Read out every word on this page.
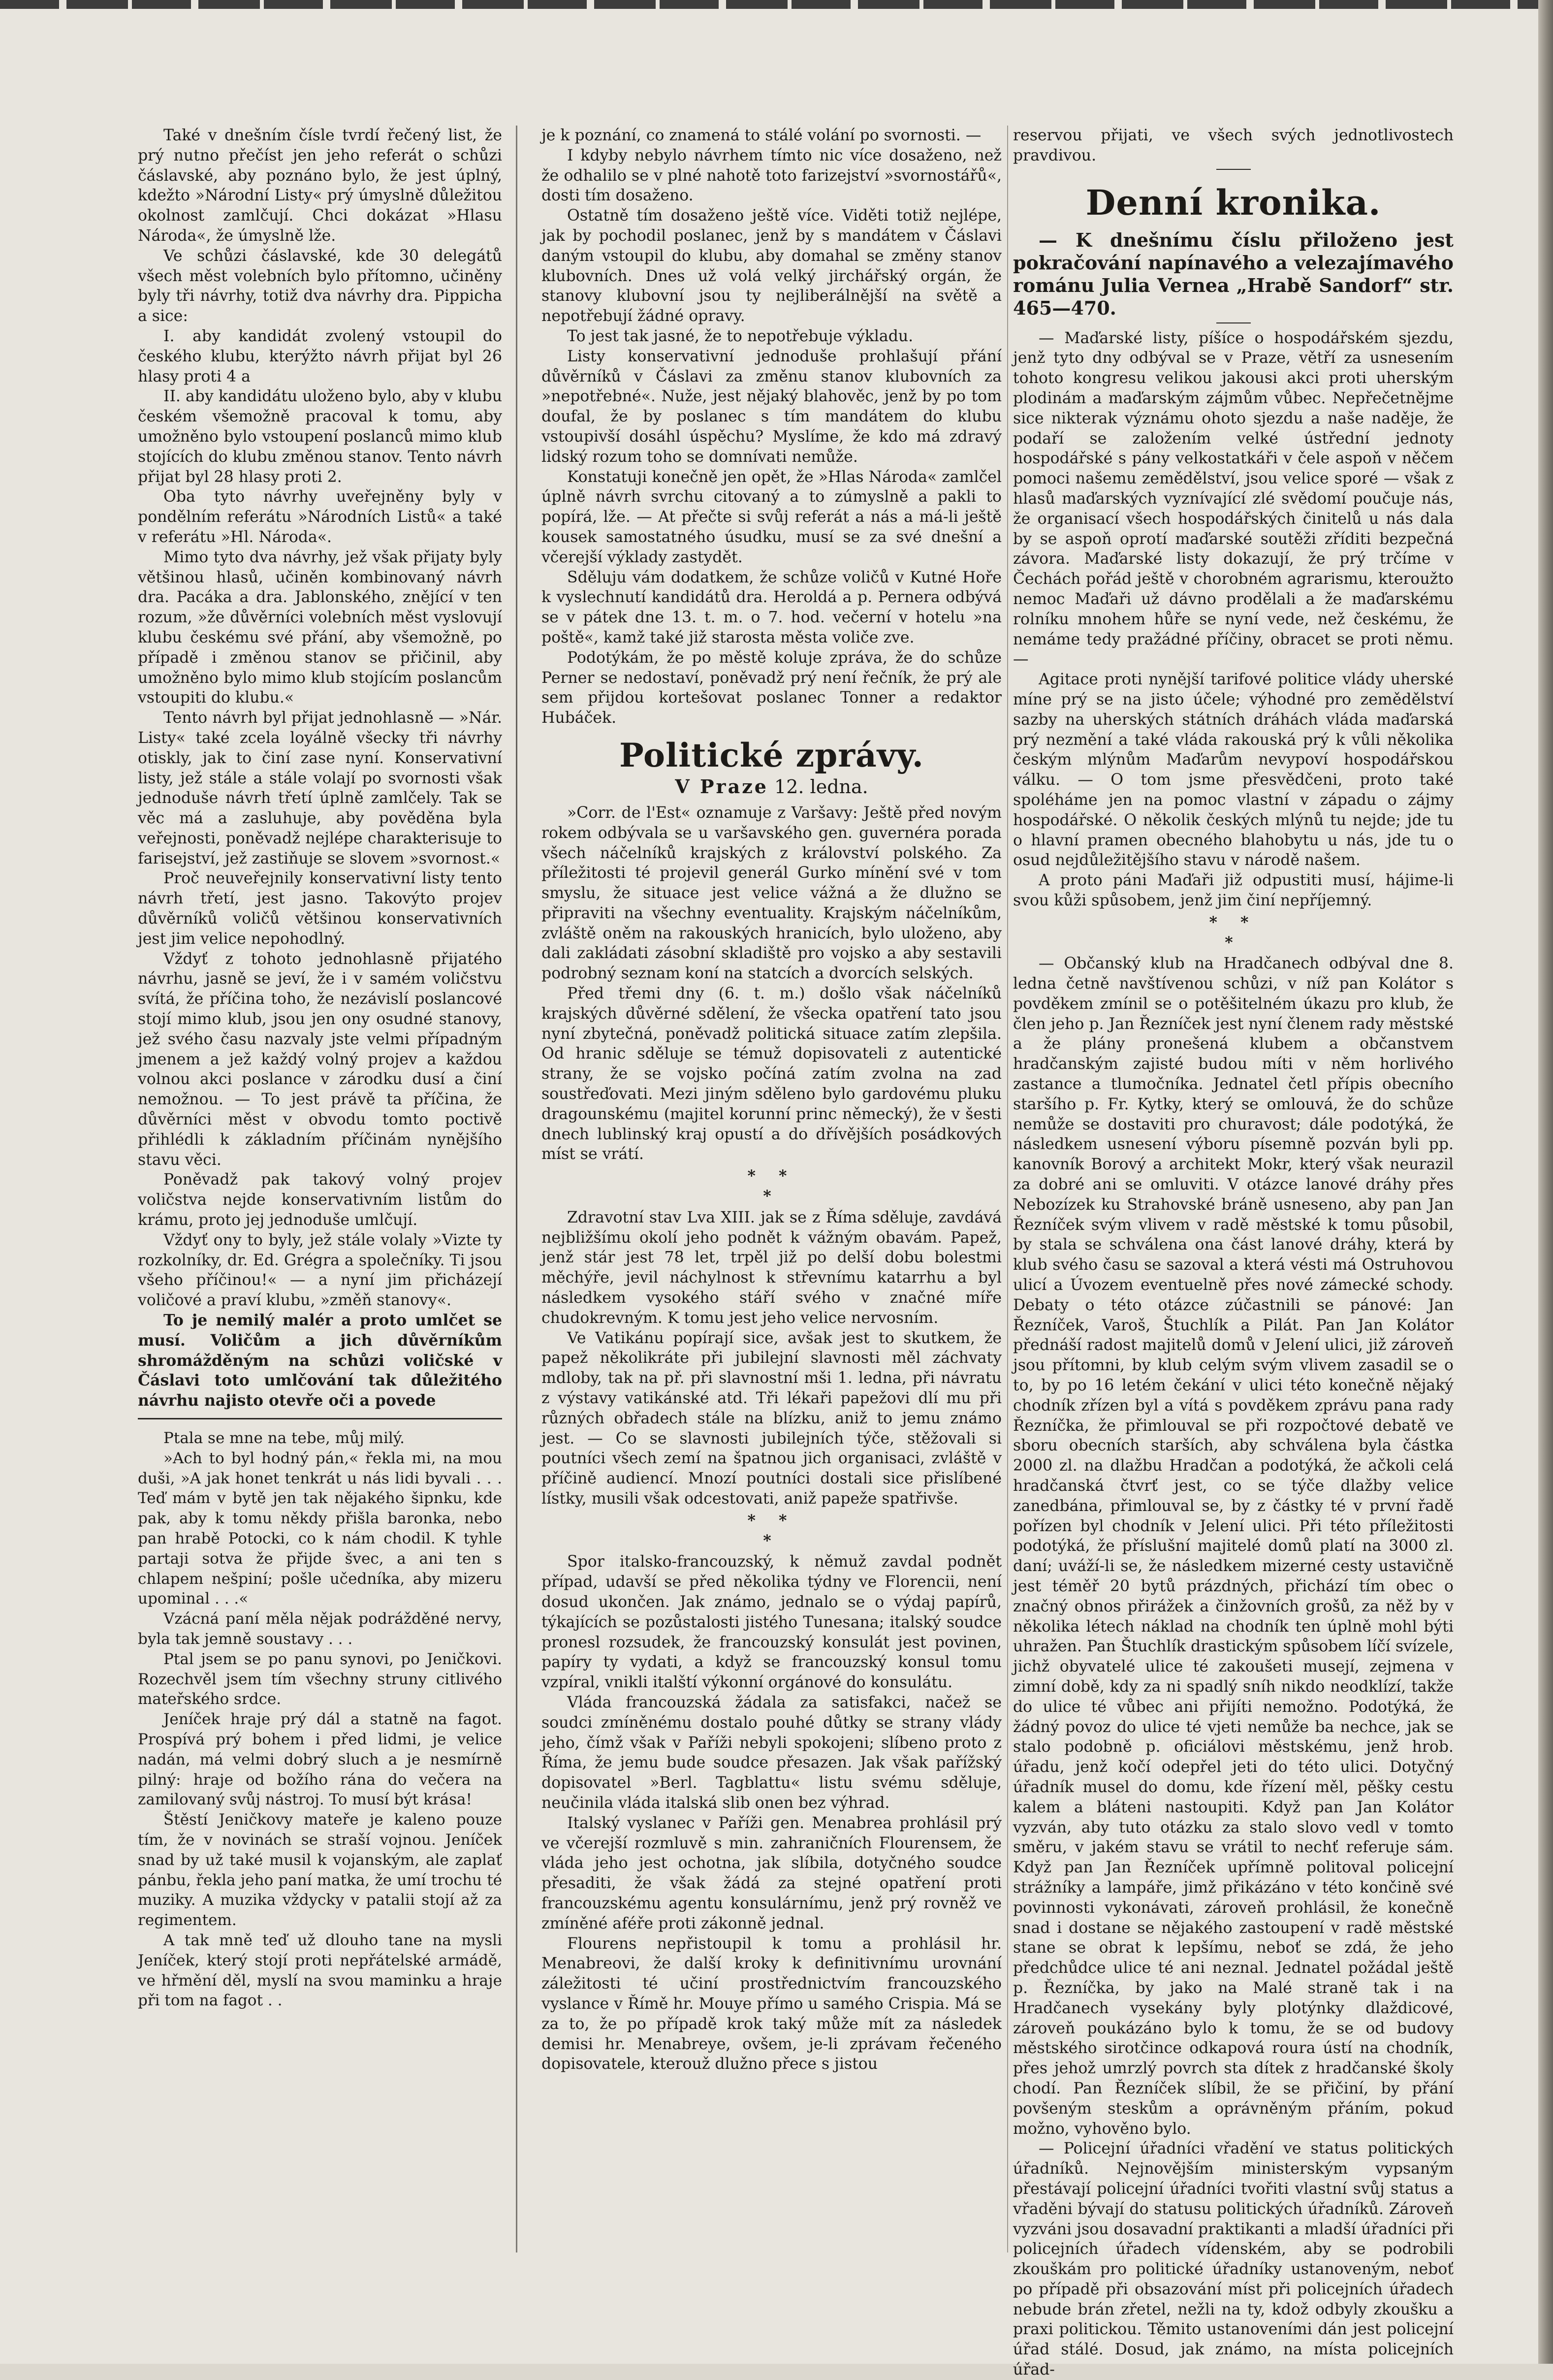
Také v dnešním čísle tvrdí řečený list, že prý nutno přečíst jen jeho referát o schůzi čáslavské, aby poznáno bylo, že jest úplný, kdežto »Národní Listy« prý úmyslně důležitou okolnost zamlčují. Chci dokázat »Hlasu Národa«, že úmyslně lže.

Ve schůzi čáslavské, kde 30 delegátů všech měst volebních bylo přítomno, učiněny byly tři návrhy, totiž dva návrhy dra. Pippicha a sice:

I. aby kandidát zvolený vstoupil do českého klubu, kterýžto návrh přijat byl 26 hlasy proti 4 a

II. aby kandidátu uloženo bylo, aby v klubu českém všemožně pracoval k tomu, aby umožněno bylo vstoupení poslanců mimo klub stojících do klubu změnou stanov. Tento návrh přijat byl 28 hlasy proti 2.

Oba tyto návrhy uveřejněny byly v pondělním referátu »Národních Listů« a také v referátu »Hl. Národa«.

Mimo tyto dva návrhy, jež však přijaty byly většinou hlasů, učiněn kombinovaný návrh dra. Pacáka a dra. Jablonského, znějící v ten rozum, »že důvěrníci volebních měst vyslovují klubu českému své přání, aby všemožně, po případě i změnou stanov se přičinil, aby umožněno bylo mimo klub stojícím poslancům vstoupiti do klubu.«

Tento návrh byl přijat jednohlasně — »Nár. Listy« také zcela loyálně všecky tři návrhy otiskly, jak to činí zase nyní. Konservativní listy, jež stále a stále volají po svornosti však jednoduše návrh třetí úplně zamlčely. Tak se věc má a zasluhuje, aby pověděna byla veřejnosti, poněvadž nejlépe charakterisuje to farisejství, jež zastiňuje se slovem »svornost.«

Proč neuveřejnily konservativní listy tento návrh třetí, jest jasno. Takovýto projev důvěrníků voličů většinou konservativních jest jim velice nepohodlný.

Vždyť z tohoto jednohlasně přijatého návrhu, jasně se jeví, že i v samém voličstvu svítá, že příčina toho, že nezávislí poslancové stojí mimo klub, jsou jen ony osudné stanovy, jež svého času nazvaly jste velmi případným jmenem a jež každý volný projev a každou volnou akci poslance v zárodku dusí a činí nemožnou. — To jest právě ta příčina, že důvěrníci měst v obvodu tomto poctivě přihlédli k základním příčinám nynějšího stavu věci.

Poněvadž pak takový volný projev voličstva nejde konservativním listům do krámu, proto jej jednoduše umlčují.

Vždyť ony to byly, jež stále volaly »Vizte ty rozkolníky, dr. Ed. Grégra a společníky. Ti jsou všeho příčinou!« — a nyní jim přicházejí voličové a praví klubu, »změň stanovy«.

To je nemilý malér a proto umlčet se musí. Voličům a jich důvěrníkům shromážděným na schůzi voličské v Čáslavi toto umlčování tak důležitého návrhu najisto otevře oči a povede

Ptala se mne na tebe, můj milý.

»Ach to byl hodný pán,« řekla mi, na mou duši, »A jak honet tenkrát u nás lidi byvali . . . Teď mám v bytě jen tak nějakého šipnku, kde pak, aby k tomu někdy přišla baronka, nebo pan hrabě Potocki, co k nám chodil. K tyhle partaji sotva že přijde švec, a ani ten s chlapem nešpiní; pošle učedníka, aby mizeru upominal . . .«

Vzácná paní měla nějak podrážděné nervy, byla tak jemně soustavy . . .

Ptal jsem se po panu synovi, po Jeničkovi. Rozechvěl jsem tím všechny struny citlivého mateřského srdce.

Jeníček hraje prý dál a statně na fagot. Prospívá prý bohem i před lidmi, je velice nadán, má velmi dobrý sluch a je nesmírně pilný: hraje od božího rána do večera na zamilovaný svůj nástroj. To musí být krása!

Štěstí Jeničkovy mateře je kaleno pouze tím, že v novinách se straší vojnou. Jeníček snad by už také musil k vojanským, ale zaplať pánbu, řekla jeho paní matka, že umí trochu té muziky. A muzika vždycky v patalii stojí až za regimentem.

A tak mně teď už dlouho tane na mysli Jeníček, který stojí proti nepřátelské armádě, ve hřmění děl, myslí na svou maminku a hraje při tom na fagot . .

je k poznání, co znamená to stálé volání po svornosti. —

I kdyby nebylo návrhem tímto nic více dosaženo, než že odhalilo se v plné nahotě toto farizejství »svornostářů«, dosti tím dosaženo.

Ostatně tím dosaženo ještě více. Viděti totiž nejlépe, jak by pochodil poslanec, jenž by s mandátem v Čáslavi daným vstoupil do klubu, aby domahal se změny stanov klubovních. Dnes už volá velký jirchářský orgán, že stanovy klubovní jsou ty nejliberálnější na světě a nepotřebují žádné opravy.

To jest tak jasné, že to nepotřebuje výkladu.

Listy konservativní jednoduše prohlašují přání důvěrníků v Čáslavi za změnu stanov klubovních za »nepotřebné«. Nuže, jest nějaký blahověc, jenž by po tom doufal, že by poslanec s tím mandátem do klubu vstoupivší dosáhl úspěchu? Myslíme, že kdo má zdravý lidský rozum toho se domnívati nemůže.

Konstatuji konečně jen opět, že »Hlas Národa« zamlčel úplně návrh svrchu citovaný a to zúmyslně a pakli to popírá, lže. — At přečte si svůj referát a nás a má-li ještě kousek samostatného úsudku, musí se za své dnešní a včerejší výklady zastydět.

Sděluju vám dodatkem, že schůze voličů v Kutné Hoře k vyslechnutí kandidátů dra. Heroldá a p. Pernera odbývá se v pátek dne 13. t. m. o 7. hod. večerní v hotelu »na poště«, kamž také již starosta města voliče zve.

Podotýkám, že po městě koluje zpráva, že do schůze Perner se nedostaví, poněvadž prý není řečník, že prý ale sem přijdou kortešovat poslanec Tonner a redaktor Hubáček.

Politické zprávy.
V Praze 12. ledna.

»Corr. de l'Est« oznamuje z Varšavy: Ještě před novým rokem odbývala se u varšavského gen. guvernéra porada všech náčelníků krajských z království polského. Za příležitosti té projevil generál Gurko mínění své v tom smyslu, že situace jest velice vážná a že dlužno se připraviti na všechny eventuality. Krajským náčelníkům, zvláště oněm na rakouských hranicích, bylo uloženo, aby dali zakládati zásobní skladiště pro vojsko a aby sestavili podrobný seznam koní na statcích a dvorcích selských.

Před třemi dny (6. t. m.) došlo však náčelníků krajských důvěrné sdělení, že všecka opatření tato jsou nyní zbytečná, poněvadž politická situace zatím zlepšila. Od hranic sděluje se témuž dopisovateli z autentické strany, že se vojsko počíná zatím zvolna na zad soustřeďovati. Mezi jiným sděleno bylo gardovému pluku dragounskému (majitel korunní princ německý), že v šesti dnech lublinský kraj opustí a do dřívějších posádkových míst se vrátí.

* *
*

Zdravotní stav Lva XIII. jak se z Říma sděluje, zavdává nejbližšímu okolí jeho podnět k vážným obavám. Papež, jenž stár jest 78 let, trpěl již po delší dobu bolestmi měchýře, jevil náchylnost k střevnímu katarrhu a byl následkem vysokého stáří svého v značné míře chudokrevným. K tomu jest jeho velice nervosním.

Ve Vatikánu popírají sice, avšak jest to skutkem, že papež několikráte při jubilejní slavnosti měl záchvaty mdloby, tak na př. při slavnostní mši 1. ledna, při návratu z výstavy vatikánské atd. Tři lékaři papežovi dlí mu při různých obřadech stále na blízku, aniž to jemu známo jest. — Co se slavnosti jubilejních týče, stěžovali si poutníci všech zemí na špatnou jich organisaci, zvláště v příčině audiencí. Mnozí poutníci dostali sice přislíbené lístky, musili však odcestovati, aniž papeže spatřivše.

* *
*

Spor italsko-francouzský, k němuž zavdal podnět případ, udavší se před několika týdny ve Florencii, není dosud ukončen. Jak známo, jednalo se o výdaj papírů, týkajících se pozůstalosti jistého Tunesana; italský soudce pronesl rozsudek, že francouzský konsulát jest povinen, papíry ty vydati, a když se francouzský konsul tomu vzpíral, vnikli italští výkonní orgánové do konsulátu.

Vláda francouzská žádala za satisfakci, načež se soudci zmíněnému dostalo pouhé důtky se strany vlády jeho, čímž však v Paříži nebyli spokojeni; slíbeno proto z Říma, že jemu bude soudce přesazen. Jak však pařížský dopisovatel »Berl. Tagblattu« listu svému sděluje, neučinila vláda italská slib onen bez výhrad.

Italský vyslanec v Paříži gen. Menabrea prohlásil prý ve včerejší rozmluvě s min. zahraničních Flourensem, že vláda jeho jest ochotna, jak slíbila, dotyčného soudce přesaditi, že však žádá za stejné opatření proti francouzskému agentu konsulárnímu, jenž prý rovněž ve zmíněné aféře proti zákonně jednal.

Flourens nepřistoupil k tomu a prohlásil hr. Menabreovi, že další kroky k definitivnímu urovnání záležitosti té učiní prostřednictvím francouzského vyslance v Římě hr. Mouye přímo u samého Crispia. Má se za to, že po případě krok taký může mít za následek demisi hr. Menabreye, ovšem, je-li zprávam řečeného dopisovatele, kterouž dlužno přece s jistou

reservou přijati, ve všech svých jednotlivostech pravdivou.

Denní kronika.

— K dnešnímu číslu přiloženo jest pokračování napínavého a velezajímavého románu Julia Vernea „Hrabě Sandorf“ str. 465—470.

— Maďarské listy, píšíce o hospodářském sjezdu, jenž tyto dny odbýval se v Praze, větří za usnesením tohoto kongresu velikou jakousi akci proti uherským plodinám a maďarským zájmům vůbec. Nepřečetnějme sice nikterak význámu ohoto sjezdu a naše naděje, že podaří se založením velké ústřední jednoty hospodářské s pány velkostatkáři v čele aspoň v něčem pomoci našemu zemědělství, jsou velice sporé — však z hlasů maďarských vyznívající zlé svědomí poučuje nás, že organisací všech hospodářských činitelů u nás dala by se aspoň oprotí maďarské soutěži zříditi bezpečná závora. Maďarské listy dokazují, že prý trčíme v Čechách pořád ještě v chorobném agrarismu, kteroužto nemoc Maďaři už dávno prodělali a že maďarskému rolníku mnohem hůře se nyní vede, než českému, že nemáme tedy pražádné příčiny, obracet se proti němu. —

Agitace proti nynější tarifové politice vlády uherské míne prý se na jisto účele; výhodné pro zemědělství sazby na uherských státních dráhách vláda maďarská prý nezmění a také vláda rakouská prý k vůli několika českým mlýnům Maďarům nevypoví hospodářskou válku. — O tom jsme přesvědčeni, proto také spoléháme jen na pomoc vlastní v západu o zájmy hospodářské. O několik českých mlýnů tu nejde; jde tu o hlavní pramen obecného blahobytu u nás, jde tu o osud nejdůležitějšího stavu v národě našem.

A proto páni Maďaři již odpustiti musí, hájime-li svou kůži spůsobem, jenž jim činí nepříjemný.

* *
*

— Občanský klub na Hradčanech odbýval dne 8. ledna četně navštívenou schůzi, v níž pan Kolátor s povděkem zmínil se o potěšitelném úkazu pro klub, že člen jeho p. Jan Řezníček jest nyní členem rady městské a že plány pronešená klubem a občanstvem hradčanským zajisté budou míti v něm horlivého zastance a tlumočníka. Jednatel četl přípis obecního staršího p. Fr. Kytky, který se omlouvá, že do schůze nemůže se dostaviti pro churavost; dále podotýká, že následkem usnesení výboru písemně pozván byli pp. kanovník Borový a architekt Mokr, který však neurazil za dobré ani se omluviti. V otázce lanové dráhy přes Nebozízek ku Strahovské bráně usneseno, aby pan Jan Řezníček svým vlivem v radě městské k tomu působil, by stala se schválena ona část lanové dráhy, která by klub svého času se sazoval a která vésti má Ostruhovou ulicí a Úvozem eventuelně přes nové zámecké schody. Debaty o této otázce zúčastnili se pánové: Jan Řezníček, Varoš, Štuchlík a Pilát. Pan Jan Kolátor přednáší radost majitelů domů v Jelení ulici, již zároveň jsou přítomni, by klub celým svým vlivem zasadil se o to, by po 16 letém čekání v ulici této konečně nějaký chodník zřízen byl a vítá s povděkem zprávu pana rady Řezníčka, že přimlouval se při rozpočtové debatě ve sboru obecních starších, aby schválena byla částka 2000 zl. na dlažbu Hradčan a podotýká, že ačkoli celá hradčanská čtvrť jest, co se týče dlažby velice zanedbána, přimlouval se, by z částky té v první řadě pořízen byl chodník v Jelení ulici. Při této příležitosti podotýká, že příslušní majitelé domů platí na 3000 zl. daní; uváží-li se, že následkem mizerné cesty ustavičně jest téměř 20 bytů prázdných, přichází tím obec o značný obnos přirážek a činžovních grošů, za něž by v několika létech náklad na chodník ten úplně mohl býti uhražen. Pan Štuchlík drastickým spůsobem líčí svízele, jichž obyvatelé ulice té zakoušeti musejí, zejmena v zimní době, kdy za ni spadlý sníh nikdo neodklízí, takže do ulice té vůbec ani přijíti nemožno. Podotýká, že žádný povoz do ulice té vjeti nemůže ba nechce, jak se stalo podobně p. oficiálovi městskému, jenž hrob. úřadu, jenž kočí odepřel jeti do této ulici. Dotyčný úřadník musel do domu, kde řízení měl, pěšky cestu kalem a bláteni nastoupiti. Když pan Jan Kolátor vyzván, aby tuto otázku za stalo slovo vedl v tomto směru, v jakém stavu se vrátil to nechť referuje sám. Když pan Jan Řezníček upřímně politoval policejní strážníky a lampáře, jimž přikázáno v této končině své povinnosti vykonávati, zároveň prohlásil, že konečně snad i dostane se nějakého zastoupení v radě městské stane se obrat k lepšímu, neboť se zdá, že jeho předchůdce ulice té ani neznal. Jednatel požádal ještě p. Řezníčka, by jako na Malé straně tak i na Hradčanech vysekány byly plotýnky dlaždicové, zároveň poukázáno bylo k tomu, že se od budovy městského sirotčince odkapová roura ústí na chodník, přes jehož umrzlý povrch sta dítek z hradčanské školy chodí. Pan Řezníček slíbil, že se přičiní, by přání povšeným steskům a oprávněným přáním, pokud možno, vyhověno bylo.

— Policejní úřadníci vřadění ve status politických úřadníků. Nejnovějším ministerským vypsaným přestávají policejní úřadníci tvořiti vlastní svůj status a vřaděni bývají do statusu politických úřadníků. Zároveň vyzváni jsou dosavadní praktikanti a mladší úřadníci při policejních úřadech vídenském, aby se podrobili zkouškám pro politické úřadníky ustanoveným, neboť po případě při obsazování míst při policejních úřadech nebude brán zřetel, nežli na ty, kdož odbyly zkoušku a praxi politickou. Těmito ustanoveními dán jest policejní úřad stálé. Dosud, jak známo, na místa policejních úřad-
